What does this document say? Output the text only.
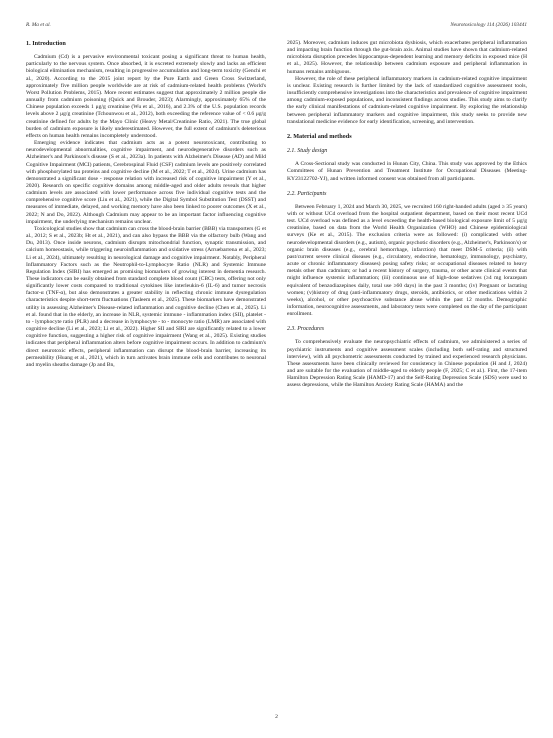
R. Ma et al.	Neurotoxicology 114 (2026) 103441
1. Introduction

Cadmium (Cd) is a pervasive environmental toxicant posing a significant threat to human health, particularly to the nervous system. Once absorbed, it is excreted extremely slowly and lacks an efficient biological elimination mechanism, resulting in progressive accumulation and long-term toxicity (Genchi et al., 2020). According to the 2015 joint report by the Pure Earth and Green Cross Switzerland, approximately five million people worldwide are at risk of cadmium-related health problems (World's Worst Pollution Problems, 2015). More recent estimates suggest that approximately 2 million people die annually from cadmium poisoning (Quick and Brouder, 2023); Alarmingly, approximately 65% of the Chinese population exceeds 1 μg/g creatinine (Wu et al., 2016), and 2.3% of the U.S. population records levels above 2 μg/g creatinine (Tchounwou et al., 2012), both exceeding the reference value of < 0.6 μg/g creatinine defined for adults by the Mayo Clinic (Heavy Metal/Creatinine Ratio, 2021). The true global burden of cadmium exposure is likely underestimated. However, the full extent of cadmium's deleterious effects on human health remains incompletely understood.

Emerging evidence indicates that cadmium acts as a potent neurotoxicant, contributing to neurodevelopmental abnormalities, cognitive impairment, and neurodegenerative disorders such as Alzheimer's and Parkinson's disease (S et al., 2023a). In patients with Alzheimer's Disease (AD) and Mild Cognitive Impairment (MCI) patients, Cerebrospinal Fluid (CSF) cadmium levels are positively correlated with phosphorylated tau proteins and cognitive decline (M et al., 2022; T et al., 2024). Urine cadmium has demonstrated a significant dose - response relation with increased risk of cognitive impairment (Y et al., 2020). Research on specific cognitive domains among middle-aged and older adults reveals that higher cadmium levels are associated with lower performance across five individual cognitive tests and the comprehensive cognitive score (Liu et al., 2021), while the Digital Symbol Substitution Test (DSST) and measures of immediate, delayed, and working memory have also been linked to poorer outcomes (X et al., 2022; N and Do, 2022). Although Cadmium may appear to be an important factor influencing cognitive impairment, the underlying mechanism remains unclear.

Toxicological studies show that cadmium can cross the blood-brain barrier (BBB) via transporters (G et al., 2012; S et al., 2023b; Ht et al., 2021), and can also bypass the BBB via the olfactory bulb (Wang and Du, 2013). Once inside neurons, cadmium disrupts mitochondrial function, synaptic transmission, and calcium homeostasis, while triggering neuroinflammation and oxidative stress (Arruebarrena et al., 2023; Li et al., 2024), ultimately resulting in neurological damage and cognitive impairment. Notably, Peripheral Inflammatory Factors such as the Neutrophil-to-Lymphocyte Ratio (NLR) and Systemic Immune Regulation Index (SIRI) has emerged as promising biomarkers of growing interest in dementia research. These indicators can be easily obtained from standard complete blood count (CBC) tests, offering not only significantly lower costs compared to traditional cytokines like interleukin-6 (IL-6) and tumor necrosis factor-α (TNF-α), but also demonstrates a greater stability in reflecting chronic immune dysregulation characteristics despite short-term fluctuations (Tasleem et al., 2025). These biomarkers have demonstrated utility in assessing Alzheimer's Disease-related inflammation and cognitive decline (Chen et al., 2025). Li et al. found that in the elderly, an increase in NLR, systemic immune - inflammation index (SII), platelet - to - lymphocyte ratio (PLR) and a decrease in lymphocyte - to - monocyte ratio (LMR) are associated with cognitive decline (Li et al., 2023; Li et al., 2022). Higher SII and SIRI are significantly related to a lower cognitive function, suggesting a higher risk of cognitive impairment (Wang et al., 2025). Existing studies indicates that peripheral inflammation alters before cognitive impairment occurs. In addition to cadmium's direct neurotoxic effects, peripheral inflammation can disrupt the blood-brain barrier, increasing its permeability (Huang et al., 2021), which in turn activates brain immune cells and contributes to neuronal and myelin sheaths damage (Jp and Bn,

2025). Moreover, cadmium induces gut microbiota dysbiosis, which exacerbates peripheral inflammation and impacting brain function through the gut-brain axis. Animal studies have shown that cadmium-related microbiota disruption precedes hippocampus-dependent learning and memory deficits in exposed mice (H et al., 2025). However, the relationship between cadmium exposure and peripheral inflammation in humans remains ambiguous.

However, the role of these peripheral inflammatory markers in cadmium-related cognitive impairment is unclear. Existing research is further limited by the lack of standardized cognitive assessment tools, insufficiently comprehensive investigations into the characteristics and prevalence of cognitive impairment among cadmium-exposed populations, and inconsistent findings across studies. This study aims to clarify the early clinical manifestations of cadmium-related cognitive impairment. By exploring the relationship between peripheral inflammatory markers and cognitive impairment, this study seeks to provide new translational medicine evidence for early identification, screening, and intervention.

2. Material and methods
2.1. Study design

A Cross-Sectional study was conducted in Hunan City, China. This study was approved by the Ethics Committees of Hunan Prevention and Treatment Institute for Occupational Diseases (Meeting-KY23122702-YJ), and written informed consent was obtained from all participants.

2.2. Participants

Between February 1, 2024 and March 30, 2025, we recruited 160 right-handed adults (aged ≥ 35 years) with or without UCd overload from the hospital outpatient department, based on their most recent UCd test. UCd overload was defined as a level exceeding the health-based biological exposure limit of 5 μg/g creatinine, based on data from the World Health Organization (WHO) and Chinese epidemiological surveys (Ke et al., 2015). The exclusion criteria were as followed: (i) complicated with other neurodevelopmental disorders (e.g., autism), organic psychotic disorders (e.g., Alzheimer's, Parkinson's) or organic brain diseases (e.g., cerebral hemorrhage, infarction) that meet DSM-5 criteria; (ii) with past/current severe clinical diseases (e.g., circulatory, endocrine, hematology, immunology, psychiatry, acute or chronic inflammatory diseases) posing safety risks; or occupational diseases related to heavy metals other than cadmium; or had a recent history of surgery, trauma, or other acute clinical events that might influence systemic inflammation; (iii) continuous use of high-dose sedatives (≥4 mg lorazepam equivalent of benzodiazepines daily, total use ≥60 days) in the past 3 months; (iv) Pregnant or lactating women; (v)history of drug (anti-inflammatory drugs, steroids, antibiotics, or other medications within 2 weeks), alcohol, or other psychoactive substance abuse within the past 12 months. Demographic information, neurocognitive assessments, and laboratory tests were completed on the day of the participant enrollment.

2.3. Procedures

To comprehensively evaluate the neuropsychiatric effects of cadmium, we administered a series of psychiatric instruments and cognitive assessment scales (including both self-rating and structured interview), with all psychometric assessments conducted by trained and experienced research physicians. These assessments have been clinically reviewed for consistency in Chinese population (H and J, 2024) and are suitable for the evaluation of middle-aged to elderly people (F, 2025; C et al.). First, the 17-item Hamilton Depression Rating Scale (HAMD-17) and the Self-Rating Depression Scale (SDS) were used to assess depressions, while the Hamilton Anxiety Rating Scale (HAMA) and the

2
